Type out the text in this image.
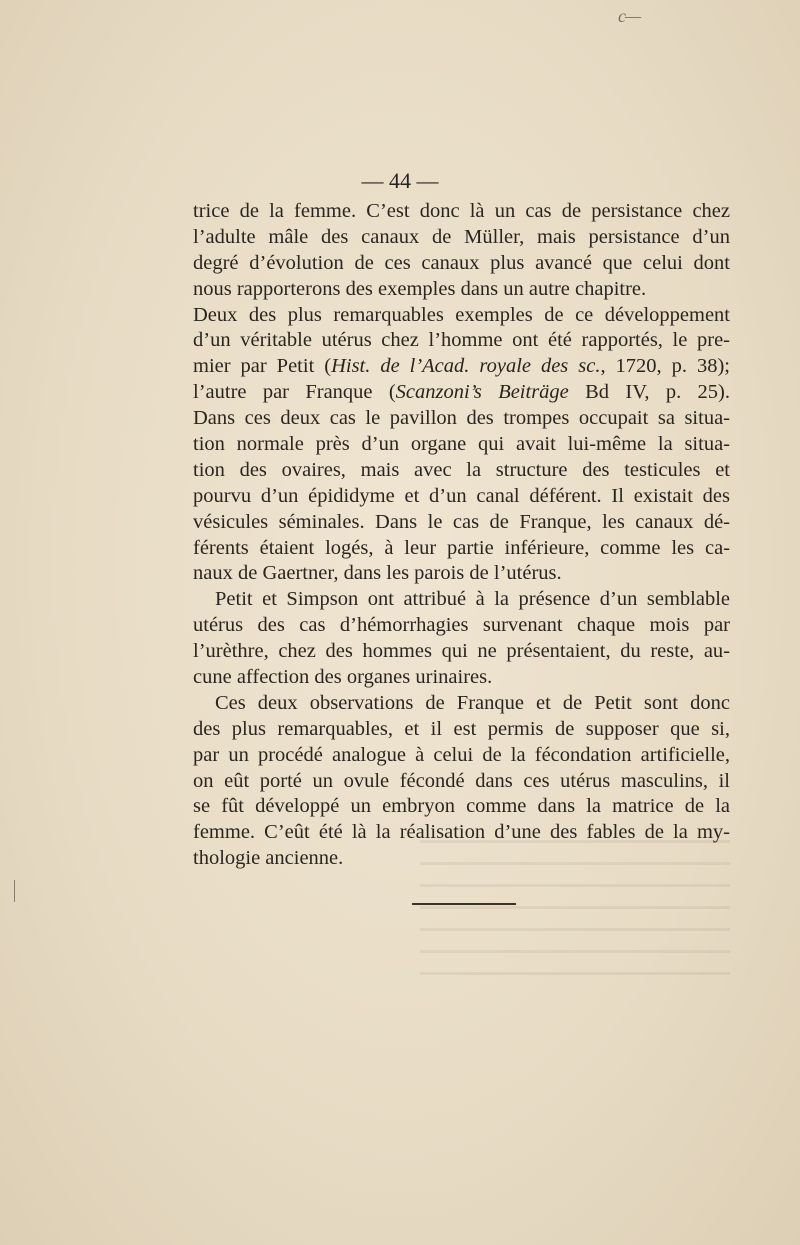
c—
— 44 —
trice de la femme. C’est donc là un cas de persistance chez
l’adulte mâle des canaux de Müller, mais persistance d’un
degré d’évolution de ces canaux plus avancé que celui dont
nous rapporterons des exemples dans un autre chapitre.
Deux des plus remarquables exemples de ce développement
d’un véritable utérus chez l’homme ont été rapportés, le pre-
mier par Petit (Hist. de l’Acad. royale des sc., 1720, p. 38);
l’autre par Franque (Scanzoni’s Beiträge Bd IV, p. 25).
Dans ces deux cas le pavillon des trompes occupait sa situa-
tion normale près d’un organe qui avait lui-même la situa-
tion des ovaires, mais avec la structure des testicules et
pourvu d’un épididyme et d’un canal déférent. Il existait des
vésicules séminales. Dans le cas de Franque, les canaux dé-
férents étaient logés, à leur partie inférieure, comme les ca-
naux de Gaertner, dans les parois de l’utérus.
Petit et Simpson ont attribué à la présence d’un semblable
utérus des cas d’hémorrhagies survenant chaque mois par
l’urèthre, chez des hommes qui ne présentaient, du reste, au-
cune affection des organes urinaires.
Ces deux observations de Franque et de Petit sont donc
des plus remarquables, et il est permis de supposer que si,
par un procédé analogue à celui de la fécondation artificielle,
on eût porté un ovule fécondé dans ces utérus masculins, il
se fût développé un embryon comme dans la matrice de la
femme. C’eût été là la réalisation d’une des fables de la my-
thologie ancienne.
